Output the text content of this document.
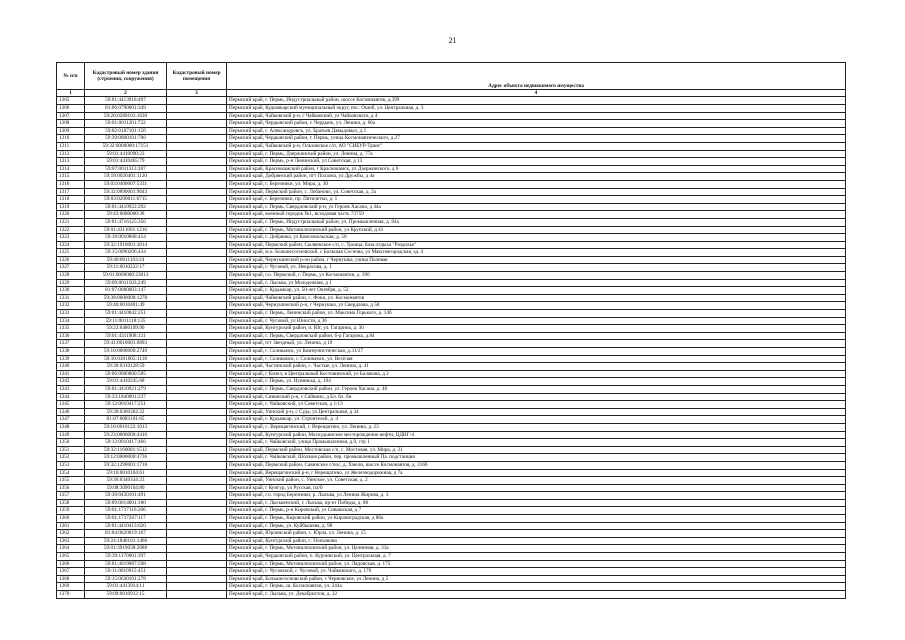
21
№ п/п	Кадастровый номер здания (строения, сооружения)	Кадастровый номер помещения	Адрес объекта недвижимого имущества
1	2	3	4
1305	59:01:4413918:497		Пермский край, г. Пермь, Индустриальный район, шоссе Космонавтов, д.399
1306	81:06:0790001:349		Пермский край, Кудымкарский муниципальный округ, пос. Ошиб, ул. Центральная, д. 3
1307	59:26:0280101:1630		Пермский край, Чайковский р-н, г Чайковский, ул Чайковского, д 4
1308	59:01:0011201:722		Пермский край, Чердынский район, г. Чердынь, ул. Ленина, д. 66а
1309	59:02:0107101:156		Пермский край, г. Александровск, ул. Братьев Давыдовых, д.1
1310	59:39:0800101:706		Пермский край, Чердынский район, г. Пермь, улица Космонавтического, д.27
1311	59:32:0000000:17151		Пермский край, Чайковский р-н, Ольховское с/п, АО "СИБУР-Транс"
1312	59:01:4410090:23		Пермский край, г. Пермь, Дзержинский район, ул. Ленина, д. 77а
1313	59:01:4410465:79		Пермский край, г. Пермь, р-н Ленинский, ул Советская, д 13
1314	59:07:0011313:287		Пермский край, Краснокамский район, г Краснокамск, ул Дзержинского, д 6
1315	59:18:0020401:1120		Пермский край, Добрянский район, пгт Полазна, ул Дружбы, д 4а
1316	59:03:0400007:5331		Пермский край, г. Березники, ул. Мира, д. 30
1317	59:32:0890001:9643		Пермский край, Пермский район, с. Лобаново, ул. Советская, д. 2а
1318	59:03:0200011:6715		Пермский край, г. Березники, пр. Пятилетки, д. 1
1319	59:01:4410922:202		Пермский край, г. Пермь, Свердловский р-н, ул Героев Хасана, д 44а
1320	59:43:0000000:38		Пермский край, военный городок №1, всходовая часть 73759
1321	59:01:4716125:356		Пермский край, г. Пермь, Индустриальный район, ул. Промышленная, д. 84а
1322	59:01:4311001:1216		Пермский край, г. Пермь, Мотовилихинский район, ул Крупской, д 41
1323	59:18:0010808:454		Пермский край, г. Добрянка, ул Комсомольская, д. 56
1324	59:32:1910001:3014		Пермский край, Пермский район, Сылвенское с/п, с. Троица, база отдыха "Раздолье"
1325	59:15:0090206:434		Пермский край, м.о. Большесосновский, с Большая Соснова, ул Максимгородская, зд. 4
1326	59:40:0011103:24		Пермский край, Чернушинский р-он район, г Чернушка, улица Полевая
1327	59:11:0010222:17		Пермский край, г. Чусовой, ул. Некрасова, д. 1
1328	59:01:0000000:23013		Пермский край, г.о. Пермский, г. Пермь, ул Космонавтов, д. 396
1329	59:09:0011503:249		Пермский край, г. Лысьва, ул Молодежная, д 1
1330	81:07:0080003:147		Пермский край, г. Кудымкар, ул. 50-лет Октября, д. 52
1331	59:38:0000000:1278		Пермский край, Чайковский район, с. Фоки, ул. Космонавтов
1332	59:40:0010401:49		Пермский край, Чернушинский р-н, г Чернушка, ул Свердлова, д 58
1333	59:01:4410042:251		Пермский край, г. Пермь, Ленинский район, ул. Максима Горького, д. 14б
1334	59:11:0011118:135		Пермский край, г. Чусовой, ул Юности, д 36
1335	59:23:0480109:90		Пермский край, Кунгурский район, п. Юг, ул. Гагарина, д. 30
1336	59:01:4311908:131		Пермский край, г. Пермь, Свердловский район, б-р Гагарина, д.84
1337	59:41:0010001:6893		Пермский край, п/т Звездный, ул. Ленина, д 19
1338	59:10:0000000:2749		Пермский край, г. Соликамск, ул Коммунистическая, д.31/27
1339	59:10:0301005:1118		Пермский край, г. Соликамск, г. Соликамск, ул. Весёлая
1340	59:38:0310128:59		Пермский край, Частинский район, с. Частые, ул. Ленина, д. 41
1341	59:06:0000000:585		Пермский край, г Кизел, в Центральный Костовинский, ул Балакова, д 2
1342	59:01:4410245:68		Пермский край, г. Пермь, ул. Нувинька, д. 104
1343	59:01:4410921:279		Пермский край, г. Пермь, Свердловский район, ул. Героев Хасана, д. 48
1344	59:33:1840001:237		Пермский край, Сивинский р-н, с Сайвино, д Бл. бл. бн
1345	59:12:0010417:251		Пермский край, г. Чайковский, ул Советская, д 1/13
1346	59:36:0360362:22		Пермский край, Уинский р-н, с Суда, ул Центральная, д 34
1347	81:07:0083101:65		Пермский край, г. Кудымкар, ул. Строителей, д. 4
1348	59:16:0010122:1013		Пермский край, с. Верещагинский, г. Верещагино, ул. Ленина, д. 23
1349	59:23:0000000:4410		Пермский край, Кунгурский район, Москудьинское месторождение нефти, ЦДНГ-4
1350	59:12:0010417:466		Пермский край, г. Чайковский, улица Промышленная, д.9, стр 1
1351	59:32:1160001:1512		Пермский край, Пермский район, Мостовская с/п, с. Мостовая, ул. Мира, д. 21
1352	59:12:0000000:4736		Пермский край, г. Чайковский, Шолмов район, пер. промышленный Па. подстанция
1353	59:32:1290001:1718		Пермский край, Пермский район, Савинское с/поc, д. Хмели, шоссе Космонавтов, д. 316б
1354	59:16:0010104:61		Пермский край, Верещагинский р-н, г Верещагино, ул Железнодорожная, д 7а
1355	59:36:0340334:23		Пермский край, Уинский район, с. Уинское, ул. Советская, д. 2
1356	59:08:3090104:80		Пермский край, г Кунгур, ул Русская, пл/б
1357	59:39:0430101:491		Пермский край, г.о. город Березники, р. Лысьва, ул Ленина Жирова, д. 3
1358	59:09:0014001:180		Пермский край, г. Лысьвенский, г. Лысьва, пр-кт Победы, д. 88
1359	59:01:1717116:206		Пермский край, г. Пермь, р-н Кировский, ул Сивашская, д 7
1360	59:01:1717267:117		Пермский край, г. Пермь, Кировский район, ул Кировоградская, д 88а
1361	59:01:4410413:620		Пермский край, г. Пермь, ул. Куйбышева, д. 98
1362	81:04:0820019:167		Пермский край, Юрлинский район, с. Юрла, ул. Ленина, д. 15
1363	59:24:1840101:1466		Пермский край, Кунгурский район, с. Плеханово
1364	59:01:3919038:2088		Пермский край, г. Пермь, Мотовилихинский район, ул. Целинная, д. 31а
1365	59:39:1170001:397		Пермский край, Чердынский район, п. Курчинский, ул. Центральная, д. 7
1366	59:01:4019087:598		Пермский край, г. Пермь, Мотовилихинский район, ул. Лядовская, д. 175
1367	59:11:0010915:451		Пермский край, г. Чусовской, г. Чусовой, ул. Чайковского, д. 170
1368	59:15:0630101:278		Пермский край, Большесосновский район, с Черновское, ул Ленина, д 5
1369	59:01:4413914:11		Пермский край, г. Пермь, ш. Космонавтов, ул. 244а
1370	59:09:0010912:15		Пермский край, г. Лысьва, ул. Декабристов, д. 22
